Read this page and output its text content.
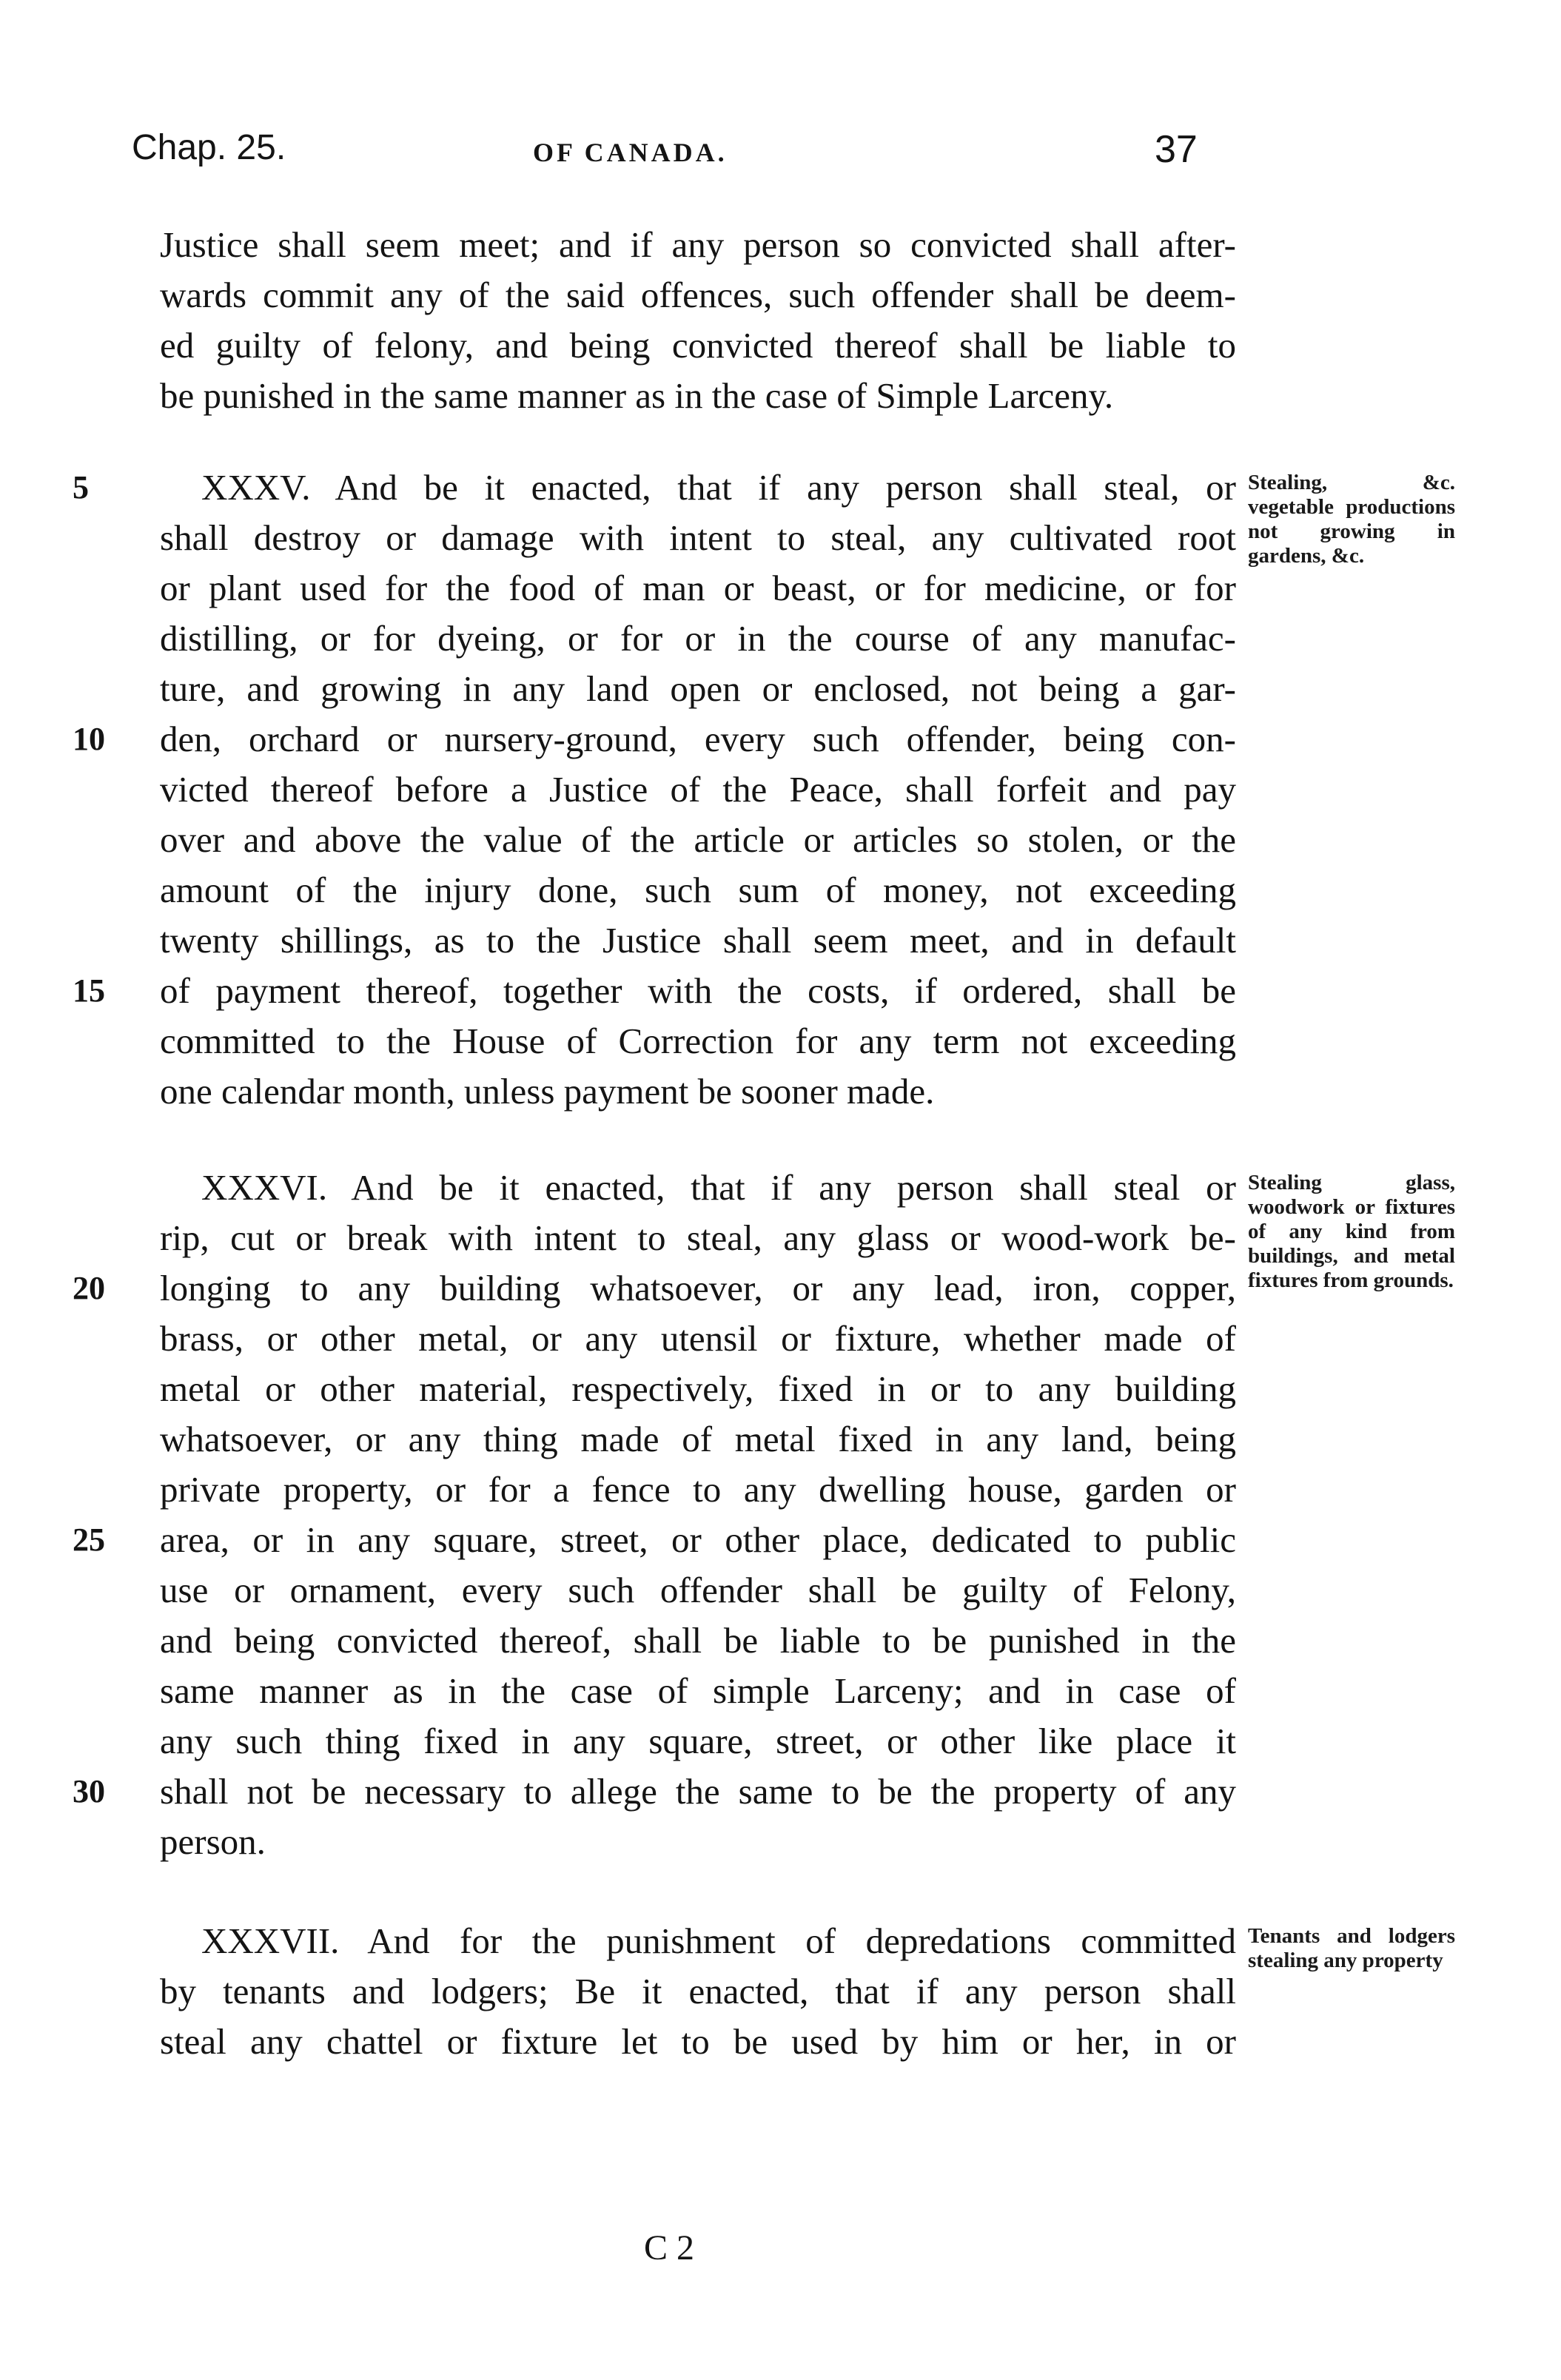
Chap. 25.	OF CANADA.	37
Justice shall seem meet; and if any person so convicted shall after-
wards commit any of the said offences, such offender shall be deem-
ed guilty of felony, and being convicted thereof shall be liable to
be punished in the same manner as in the case of Simple Larceny.
5	XXXV. And be it enacted, that if any person shall steal, or
shall destroy or damage with intent to steal, any cultivated root
or plant used for the food of man or beast, or for medicine, or for
distilling, or for dyeing, or for or in the course of any manufac-
ture, and growing in any land open or enclosed, not being a gar-
10	den, orchard or nursery-ground, every such offender, being con-
victed thereof before a Justice of the Peace, shall forfeit and pay
over and above the value of the article or articles so stolen, or the
amount of the injury done, such sum of money, not exceeding
twenty shillings, as to the Justice shall seem meet, and in default
15	of payment thereof, together with the costs, if ordered, shall be
committed to the House of Correction for any term not exceeding
one calendar month, unless payment be sooner made.
XXXVI. And be it enacted, that if any person shall steal or
rip, cut or break with intent to steal, any glass or wood-work be-
20	longing to any building whatsoever, or any lead, iron, copper,
brass, or other metal, or any utensil or fixture, whether made of
metal or other material, respectively, fixed in or to any building
whatsoever, or any thing made of metal fixed in any land, being
private property, or for a fence to any dwelling house, garden or
25	area, or in any square, street, or other place, dedicated to public
use or ornament, every such offender shall be guilty of Felony,
and being convicted thereof, shall be liable to be punished in the
same manner as in the case of simple Larceny; and in case of
any such thing fixed in any square, street, or other like place it
30	shall not be necessary to allege the same to be the property of any
person.
XXXVII. And for the punishment of depredations committed
by tenants and lodgers; Be it enacted, that if any person shall
steal any chattel or fixture let to be used by him or her, in or
Stealing, &c. vegetable productions not growing in gardens, &c.
Stealing glass, woodwork or fixtures of any kind from buildings, and metal fixtures from grounds.
Tenants and lodgers stealing any property
C 2
